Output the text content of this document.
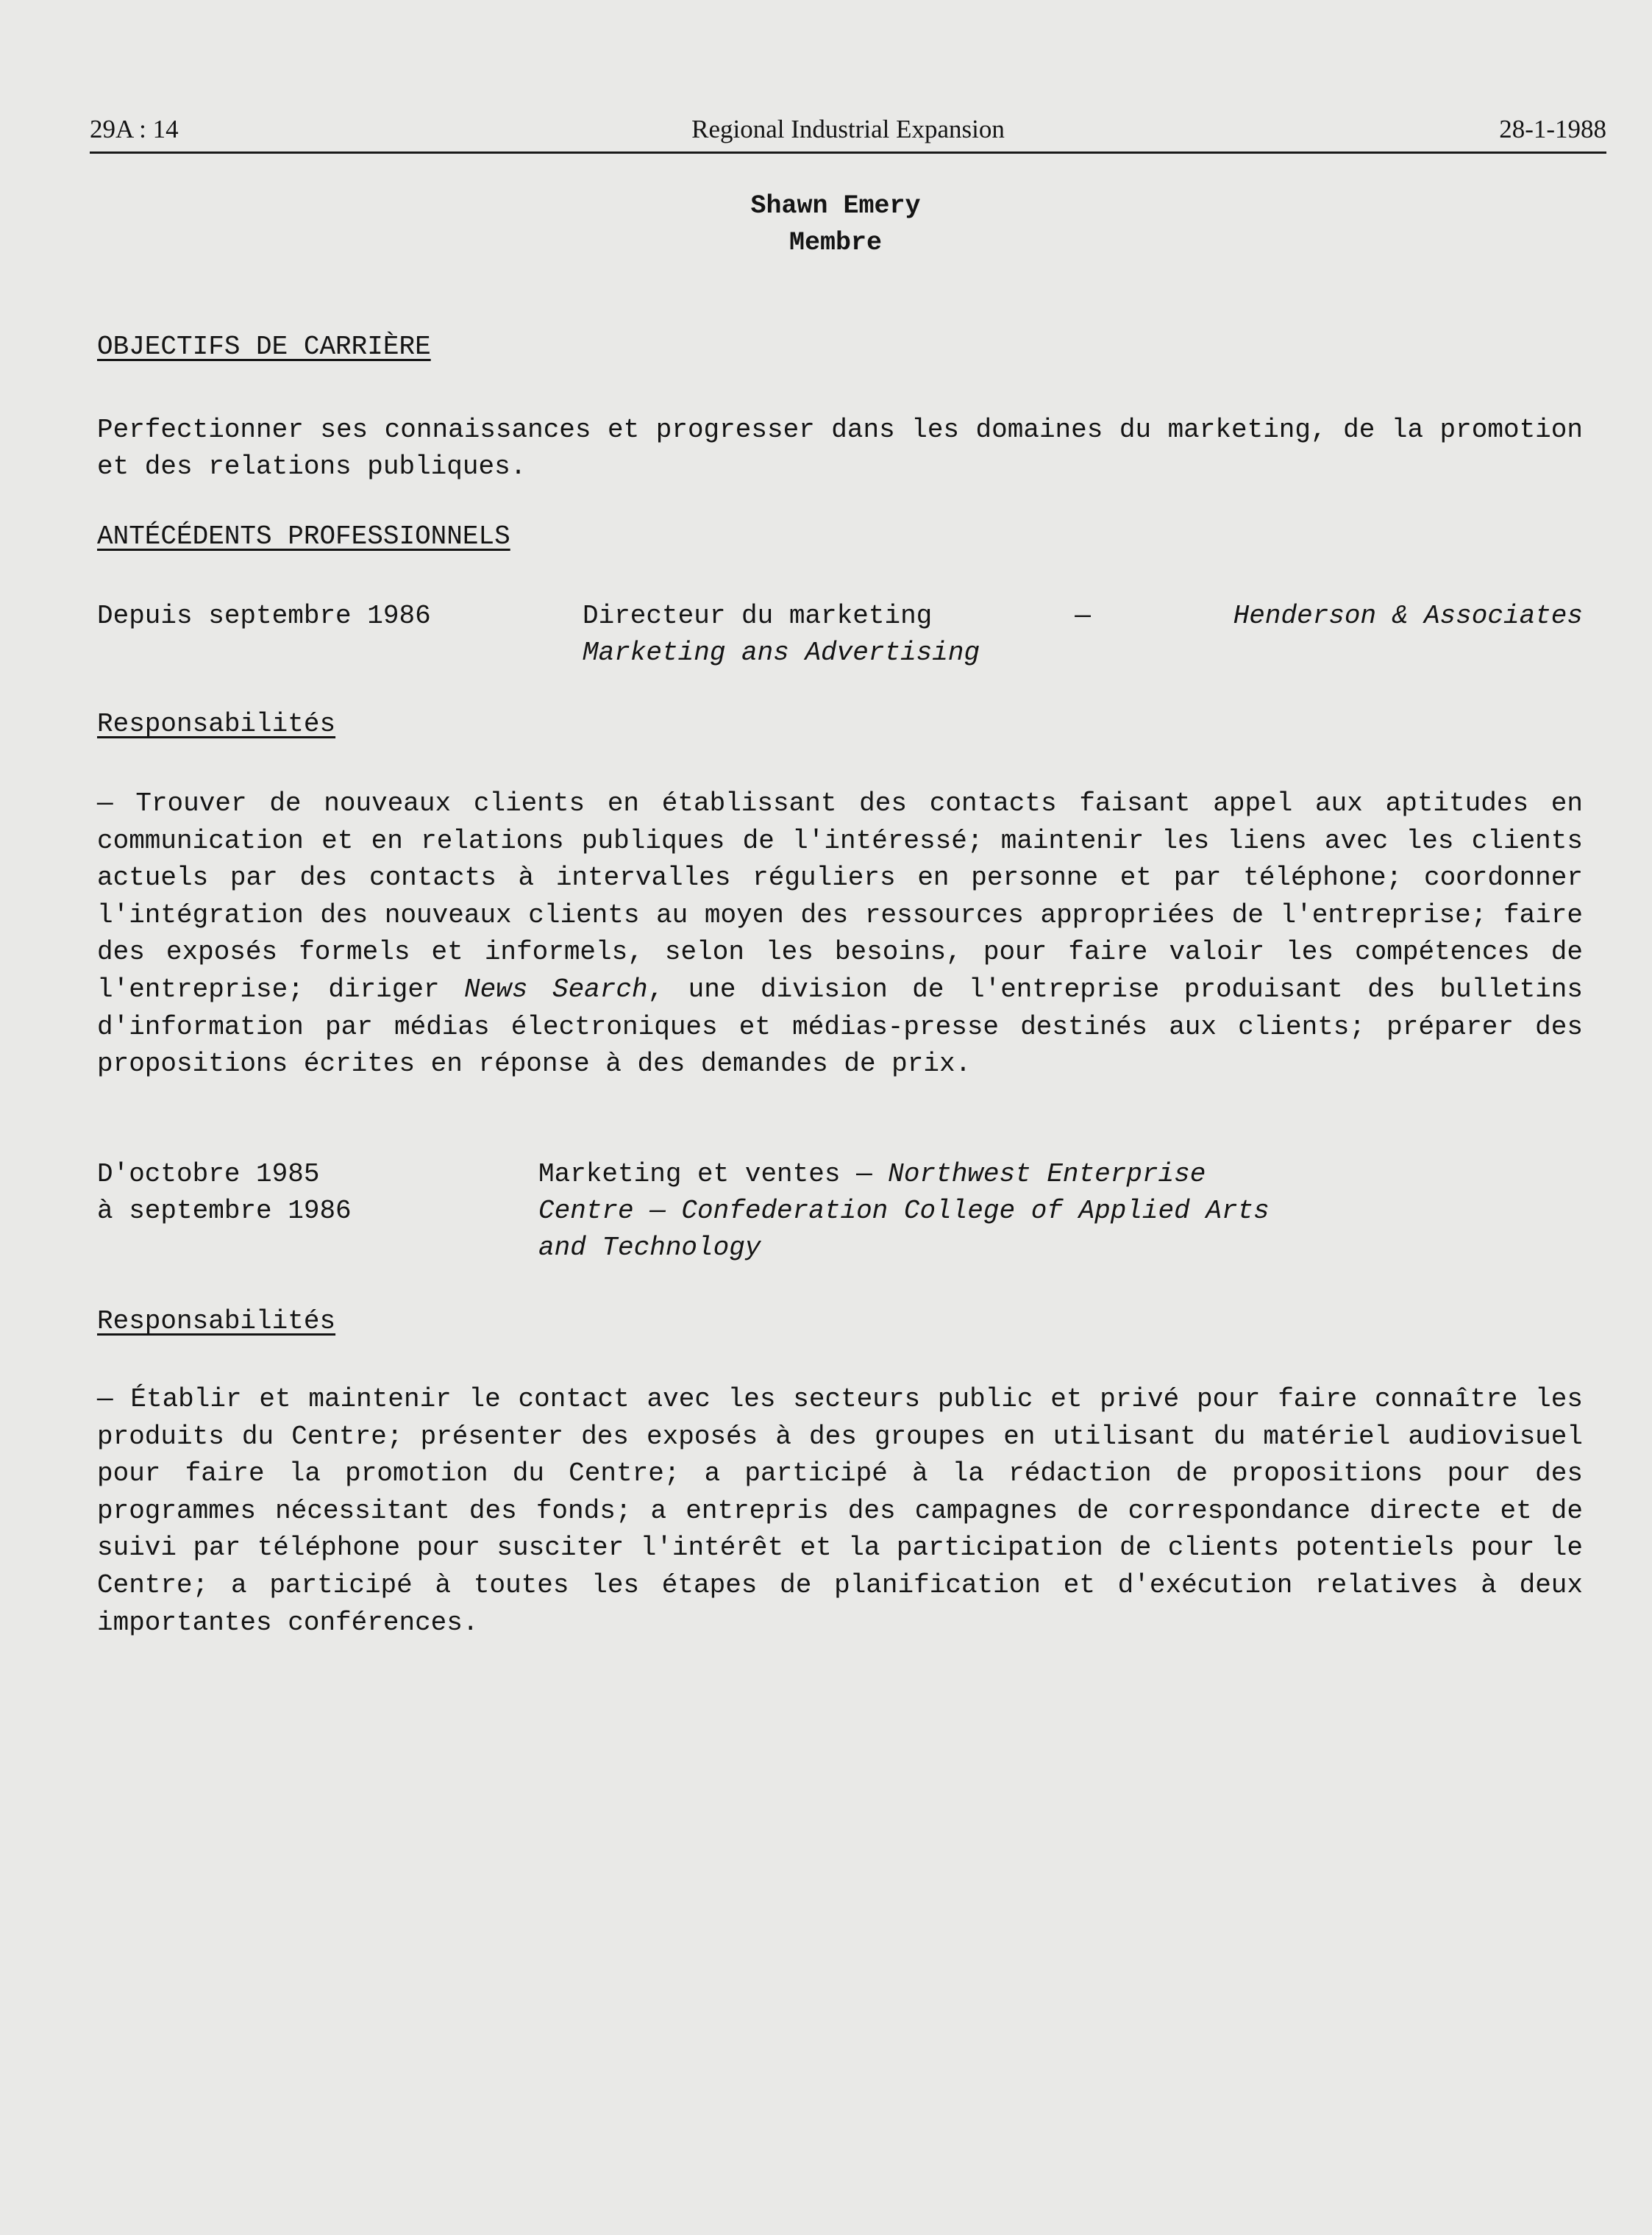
29A : 14	Regional Industrial Expansion	28-1-1988
Shawn Emery
Membre
OBJECTIFS DE CARRIÈRE
Perfectionner ses connaissances et progresser dans les domaines du marketing, de la promotion et des relations publiques.
ANTÉCÉDENTS PROFESSIONNELS
Depuis septembre 1986	Directeur du marketing	—	Henderson & Associates
Marketing ans Advertising
Responsabilités
— Trouver de nouveaux clients en établissant des contacts faisant appel aux aptitudes en communication et en relations publiques de l'intéressé; maintenir les liens avec les clients actuels par des contacts à intervalles réguliers en personne et par téléphone; coordonner l'intégration des nouveaux clients au moyen des ressources appropriées de l'entreprise; faire des exposés formels et informels, selon les besoins, pour faire valoir les compétences de l'entreprise; diriger News Search, une division de l'entreprise produisant des bulletins d'information par médias électroniques et médias-presse destinés aux clients; préparer des propositions écrites en réponse à des demandes de prix.
D'octobre 1985
à septembre 1986
Marketing et ventes — Northwest Enterprise
Centre — Confederation College of Applied Arts
and Technology
Responsabilités
— Établir et maintenir le contact avec les secteurs public et privé pour faire connaître les produits du Centre; présenter des exposés à des groupes en utilisant du matériel audiovisuel pour faire la promotion du Centre; a participé à la rédaction de propositions pour des programmes nécessitant des fonds; a entrepris des campagnes de correspondance directe et de suivi par téléphone pour susciter l'intérêt et la participation de clients potentiels pour le Centre; a participé à toutes les étapes de planification et d'exécution relatives à deux importantes conférences.
